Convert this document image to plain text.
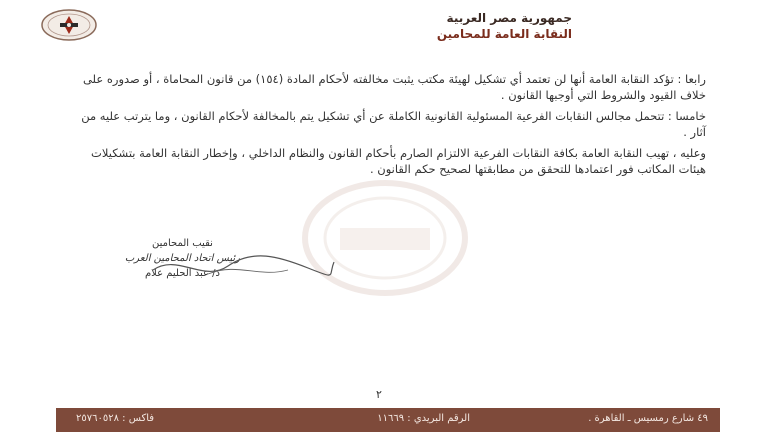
جمهورية مصر العربية
النقابة العامة للمحامين

رابعا : تؤكد النقابة العامة أنها لن تعتمد أي تشكيل لهيئة مكتب يثبت مخالفته لأحكام المادة (١٥٤) من قانون المحاماة ، أو صدوره على خلاف القيود والشروط التي أوجبها القانون .

خامسا : تتحمل مجالس النقابات الفرعية المسئولية القانونية الكاملة عن أي تشكيل يتم بالمخالفة لأحكام القانون ، وما يترتب عليه من آثار .

وعليه ، تهيب النقابة العامة بكافة النقابات الفرعية الالتزام الصارم بأحكام القانون والنظام الداخلي ، وإخطار النقابة العامة بتشكيلات هيئات المكاتب فور اعتمادها للتحقق من مطابقتها لصحيح حكم القانون .

نقيب المحامين
رئيس اتحاد المحامين العرب
د/ عبد الحليم علام
٢
٤٩ شارع رمسيس ـ القاهرة .
الرقم البريدي : ١١٦٦٩
فاكس : ٢٥٧٦٠٥٢٨
